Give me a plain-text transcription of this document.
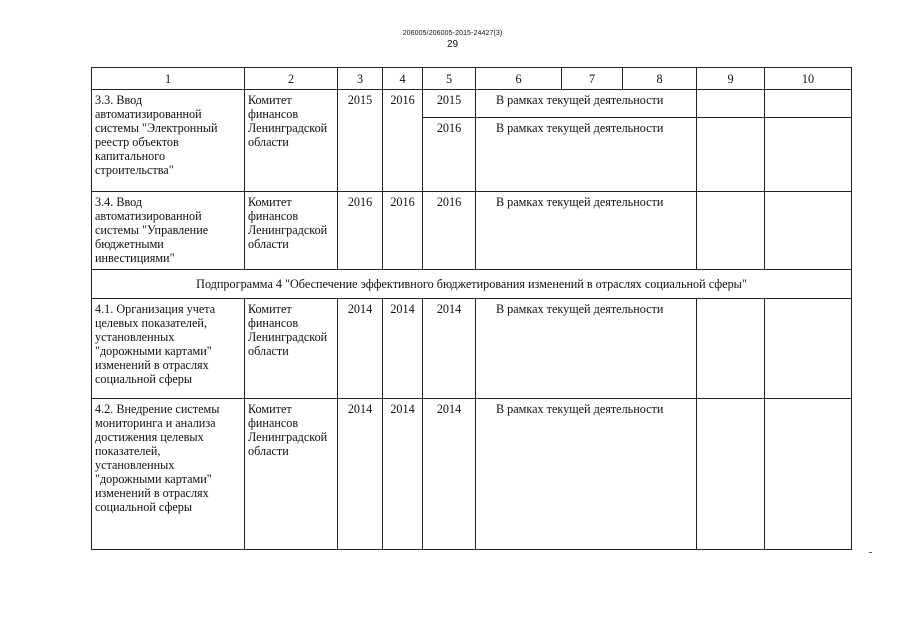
206005/206005-2015-24427(3)
29
1	2	3	4	5	6	7	8	9	10
3.3. Ввод автоматизированной системы "Электронный реестр объектов капитального строительства"	Комитет финансов Ленинградской области	2015	2016	2015	В рамках текущей деятельности				
				2016	В рамках текущей деятельности				
3.4. Ввод автоматизированной системы "Управление бюджетными инвестициями"	Комитет финансов Ленинградской области	2016	2016	2016	В рамках текущей деятельности				
Подпрограмма 4 "Обеспечение эффективного бюджетирования изменений в отраслях социальной сферы"									
4.1. Организация учета целевых показателей, установленных "дорожными картами" изменений в отраслях социальной сферы	Комитет финансов Ленинградской области	2014	2014	2014	В рамках текущей деятельности				
4.2. Внедрение системы мониторинга и анализа достижения целевых показателей, установленных "дорожными картами" изменений в отраслях социальной сферы	Комитет финансов Ленинградской области	2014	2014	2014	В рамках текущей деятельности				
